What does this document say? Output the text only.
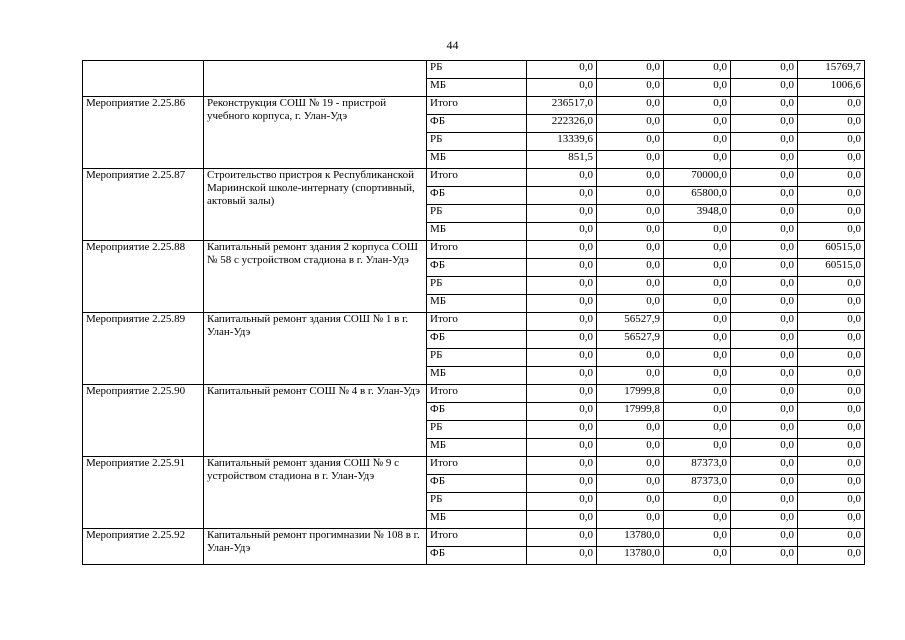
44
		РБ	0,0	0,0	0,0	0,0	15769,7
		МБ	0,0	0,0	0,0	0,0	1006,6
Мероприятие 2.25.86	Реконструкция СОШ № 19 - пристрой учебного корпуса, г. Улан-Удэ	Итого	236517,0	0,0	0,0	0,0	0,0
		ФБ	222326,0	0,0	0,0	0,0	0,0
		РБ	13339,6	0,0	0,0	0,0	0,0
		МБ	851,5	0,0	0,0	0,0	0,0
Мероприятие 2.25.87	Строительство пристроя к Республиканской Мариинской школе-интернату (спортивный, актовый залы)	Итого	0,0	0,0	70000,0	0,0	0,0
		ФБ	0,0	0,0	65800,0	0,0	0,0
		РБ	0,0	0,0	3948,0	0,0	0,0
		МБ	0,0	0,0	0,0	0,0	0,0
Мероприятие 2.25.88	Капитальный ремонт здания 2 корпуса СОШ № 58 с устройством стадиона в г. Улан-Удэ	Итого	0,0	0,0	0,0	0,0	60515,0
		ФБ	0,0	0,0	0,0	0,0	60515,0
		РБ	0,0	0,0	0,0	0,0	0,0
		МБ	0,0	0,0	0,0	0,0	0,0
Мероприятие 2.25.89	Капитальный ремонт здания СОШ № 1 в г. Улан-Удэ	Итого	0,0	56527,9	0,0	0,0	0,0
		ФБ	0,0	56527,9	0,0	0,0	0,0
		РБ	0,0	0,0	0,0	0,0	0,0
		МБ	0,0	0,0	0,0	0,0	0,0
Мероприятие 2.25.90	Капитальный ремонт СОШ № 4 в г. Улан-Удэ	Итого	0,0	17999,8	0,0	0,0	0,0
		ФБ	0,0	17999,8	0,0	0,0	0,0
		РБ	0,0	0,0	0,0	0,0	0,0
		МБ	0,0	0,0	0,0	0,0	0,0
Мероприятие 2.25.91	Капитальный ремонт здания СОШ № 9 с устройством стадиона в г. Улан-Удэ	Итого	0,0	0,0	87373,0	0,0	0,0
		ФБ	0,0	0,0	87373,0	0,0	0,0
		РБ	0,0	0,0	0,0	0,0	0,0
		МБ	0,0	0,0	0,0	0,0	0,0
Мероприятие 2.25.92	Капитальный ремонт прогимназии № 108 в г. Улан-Удэ	Итого	0,0	13780,0	0,0	0,0	0,0
		ФБ	0,0	13780,0	0,0	0,0	0,0
